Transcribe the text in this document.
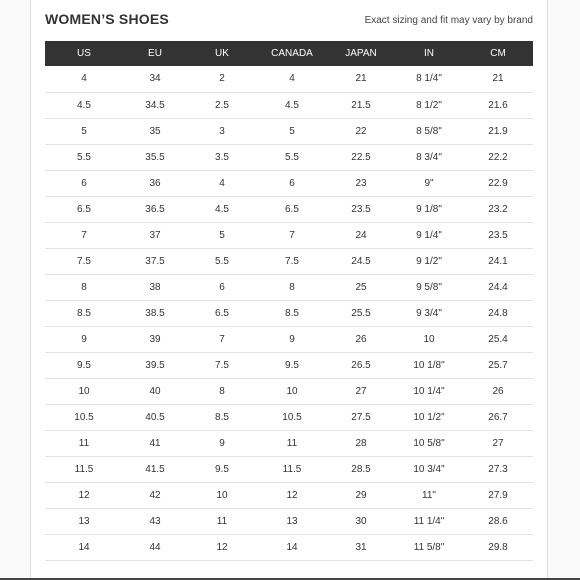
WOMEN’S SHOES	Exact sizing and fit may vary by brand
US	EU	UK	CANADA	JAPAN	IN	CM
4	34	2	4	21	8 1/4"	21
4.5	34.5	2.5	4.5	21.5	8 1/2"	21.6
5	35	3	5	22	8 5/8"	21.9
5.5	35.5	3.5	5.5	22.5	8 3/4"	22.2
6	36	4	6	23	9"	22.9
6.5	36.5	4.5	6.5	23.5	9 1/8"	23.2
7	37	5	7	24	9 1/4"	23.5
7.5	37.5	5.5	7.5	24.5	9 1/2"	24.1
8	38	6	8	25	9 5/8"	24.4
8.5	38.5	6.5	8.5	25.5	9 3/4"	24.8
9	39	7	9	26	10	25.4
9.5	39.5	7.5	9.5	26.5	10 1/8"	25.7
10	40	8	10	27	10 1/4"	26
10.5	40.5	8.5	10.5	27.5	10 1/2"	26.7
11	41	9	11	28	10 5/8"	27
11.5	41.5	9.5	11.5	28.5	10 3/4"	27.3
12	42	10	12	29	11"	27.9
13	43	11	13	30	11 1/4"	28.6
14	44	12	14	31	11 5/8"	29.8
